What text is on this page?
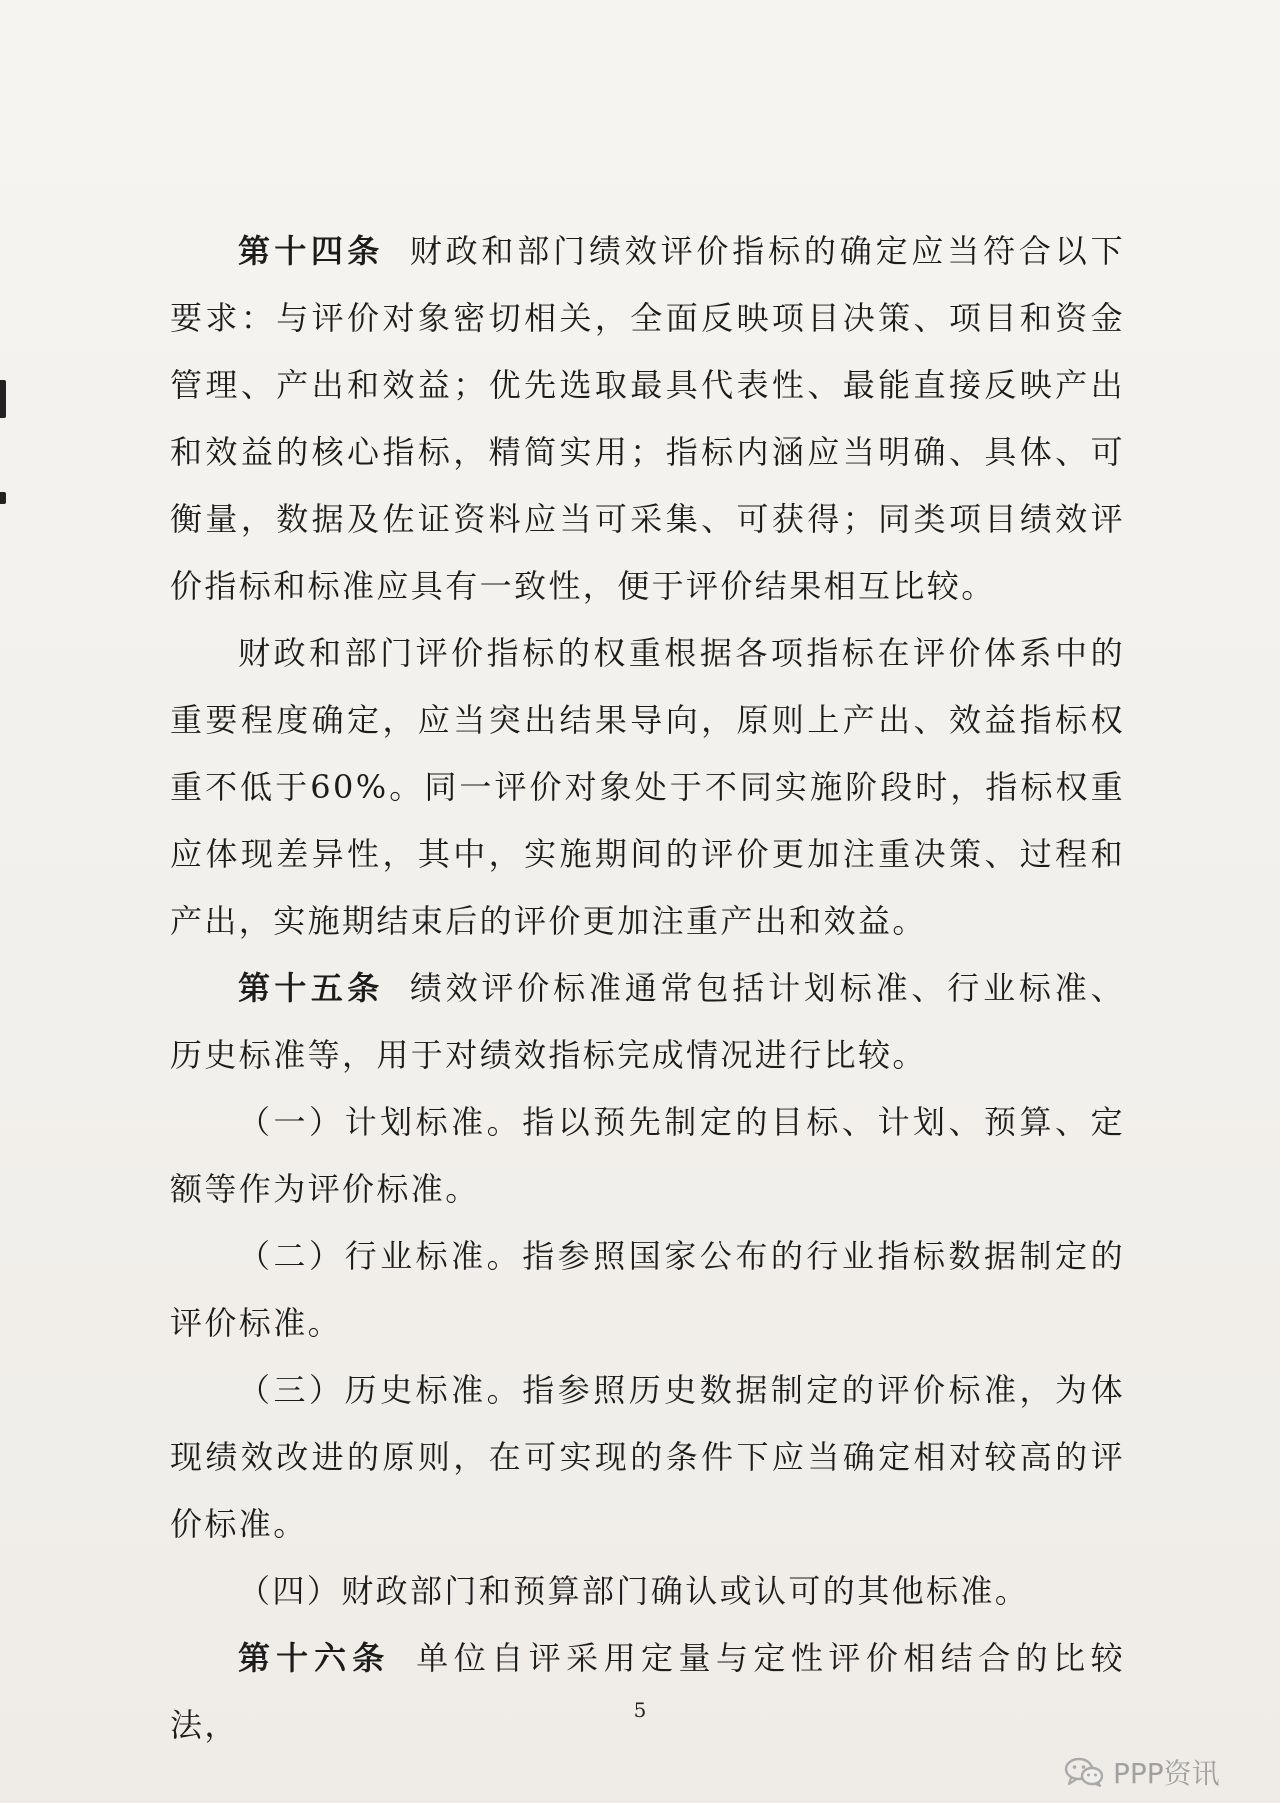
第十四条 财政和部门绩效评价指标的确定应当符合以下要求：与评价对象密切相关，全面反映项目决策、项目和资金管理、产出和效益；优先选取最具代表性、最能直接反映产出和效益的核心指标，精简实用；指标内涵应当明确、具体、可衡量，数据及佐证资料应当可采集、可获得；同类项目绩效评价指标和标准应具有一致性，便于评价结果相互比较。

财政和部门评价指标的权重根据各项指标在评价体系中的重要程度确定，应当突出结果导向，原则上产出、效益指标权重不低于60%。同一评价对象处于不同实施阶段时，指标权重应体现差异性，其中，实施期间的评价更加注重决策、过程和产出，实施期结束后的评价更加注重产出和效益。

第十五条 绩效评价标准通常包括计划标准、行业标准、历史标准等，用于对绩效指标完成情况进行比较。

（一）计划标准。指以预先制定的目标、计划、预算、定额等作为评价标准。

（二）行业标准。指参照国家公布的行业指标数据制定的评价标准。

（三）历史标准。指参照历史数据制定的评价标准，为体现绩效改进的原则，在可实现的条件下应当确定相对较高的评价标准。

（四）财政部门和预算部门确认或认可的其他标准。

第十六条 单位自评采用定量与定性评价相结合的比较法，	5
PPP资讯
